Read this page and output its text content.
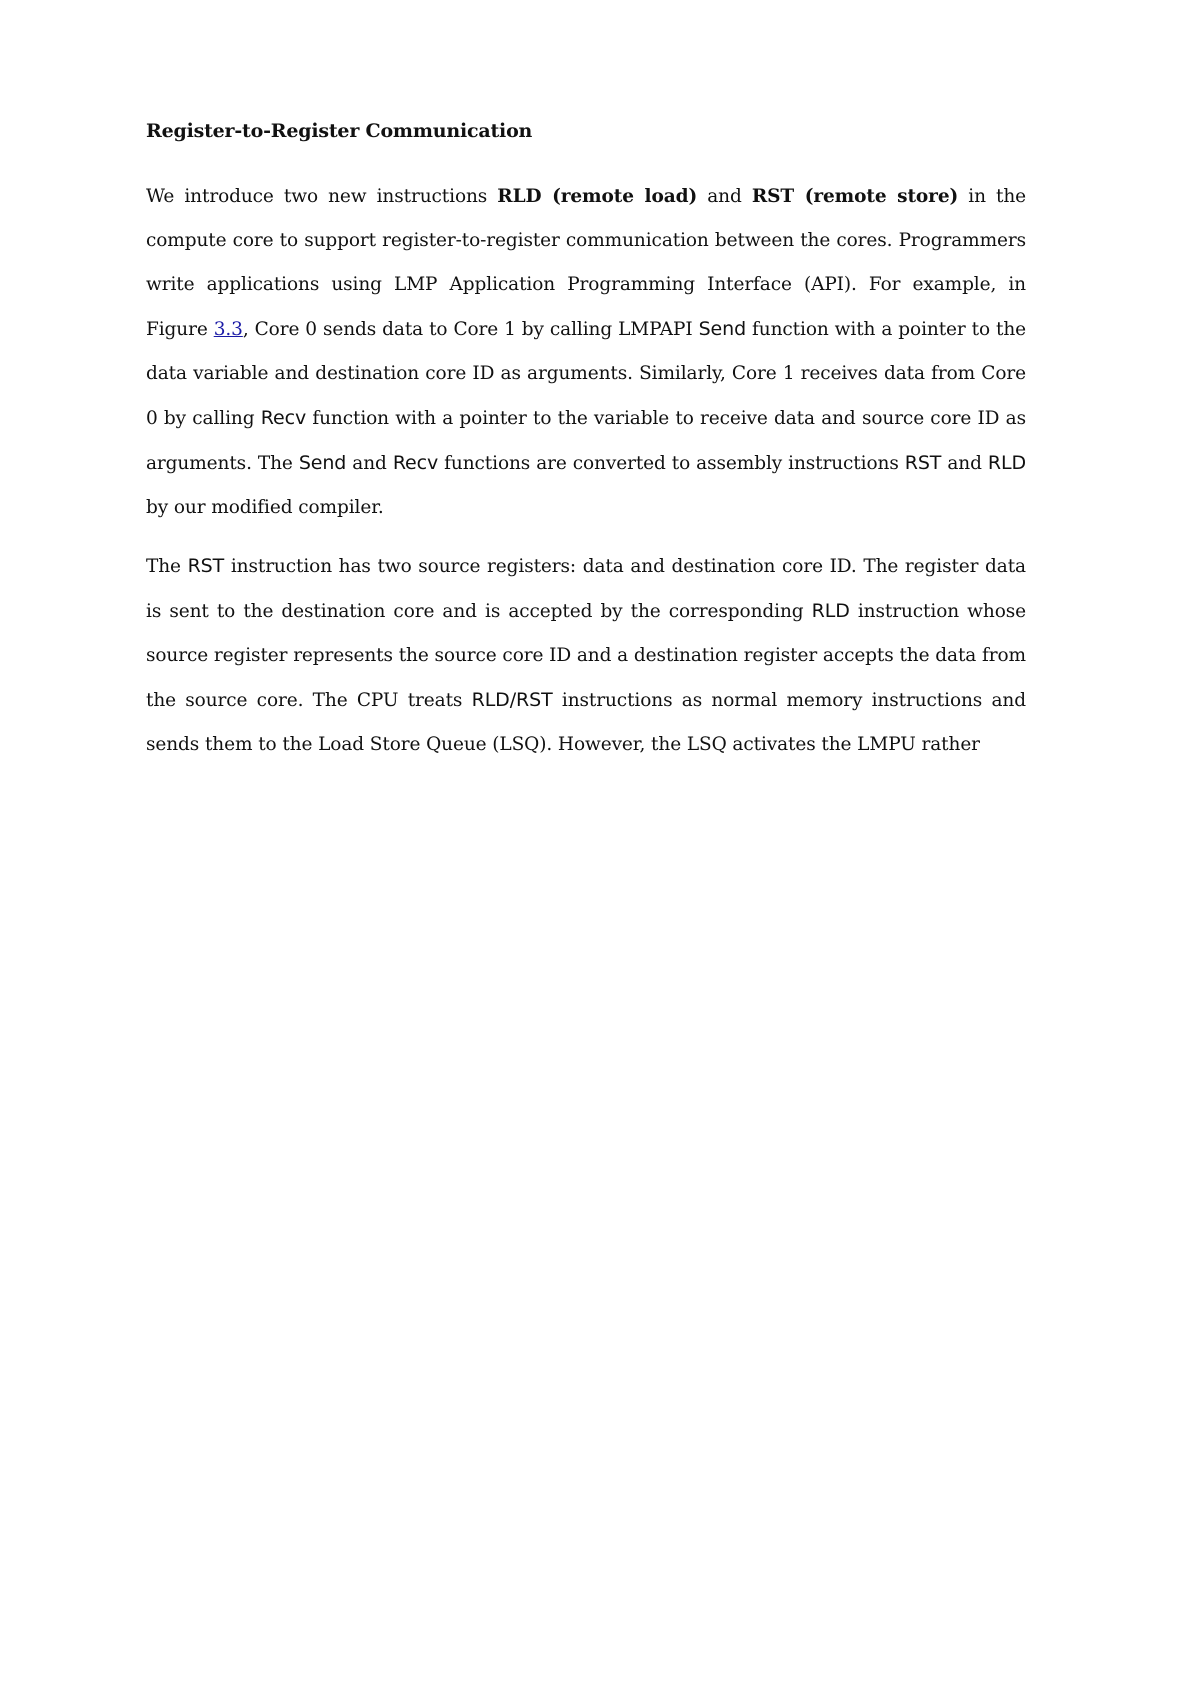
Register-to-Register Communication

We introduce two new instructions RLD (remote load) and RST (remote store) in the compute core to support register-to-register communication between the cores. Programmers write applications using LMP Application Programming Interface (API). For example, in Figure 3.3, Core 0 sends data to Core 1 by calling LMPAPI Send function with a pointer to the data variable and destination core ID as arguments. Similarly, Core 1 receives data from Core 0 by calling Recv function with a pointer to the variable to receive data and source core ID as arguments. The Send and Recv functions are converted to assembly instructions RST and RLD by our modified compiler.

The RST instruction has two source registers: data and destination core ID. The register data is sent to the destination core and is accepted by the corresponding RLD instruction whose source register represents the source core ID and a destination register accepts the data from the source core. The CPU treats RLD/RST instructions as normal memory instructions and sends them to the Load Store Queue (LSQ). However, the LSQ activates the LMPU rather
